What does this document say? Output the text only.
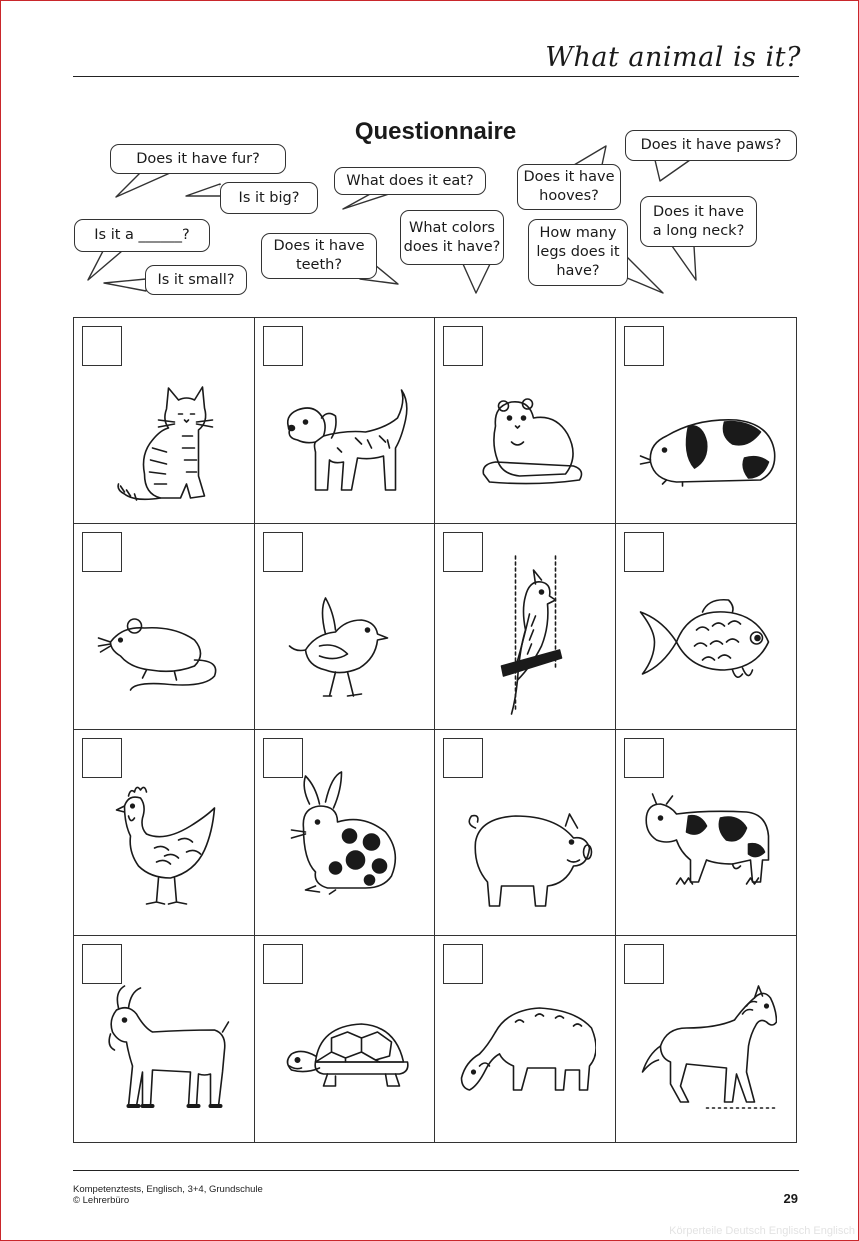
What animal is it?
Questionnaire
Does it have fur?
Is it big?
What does it eat?	Does it have
hooves?
Does it have paws?
Is it a ______?
Is it small?
Does it have
teeth?
What colors
does it have?
How many
legs does it
have?
Does it have
a long neck?
Kompetenztests, Englisch, 3+4, Grundschule
© Lehrerbüro	29
Körperteile Deutsch Englisch Englisch
